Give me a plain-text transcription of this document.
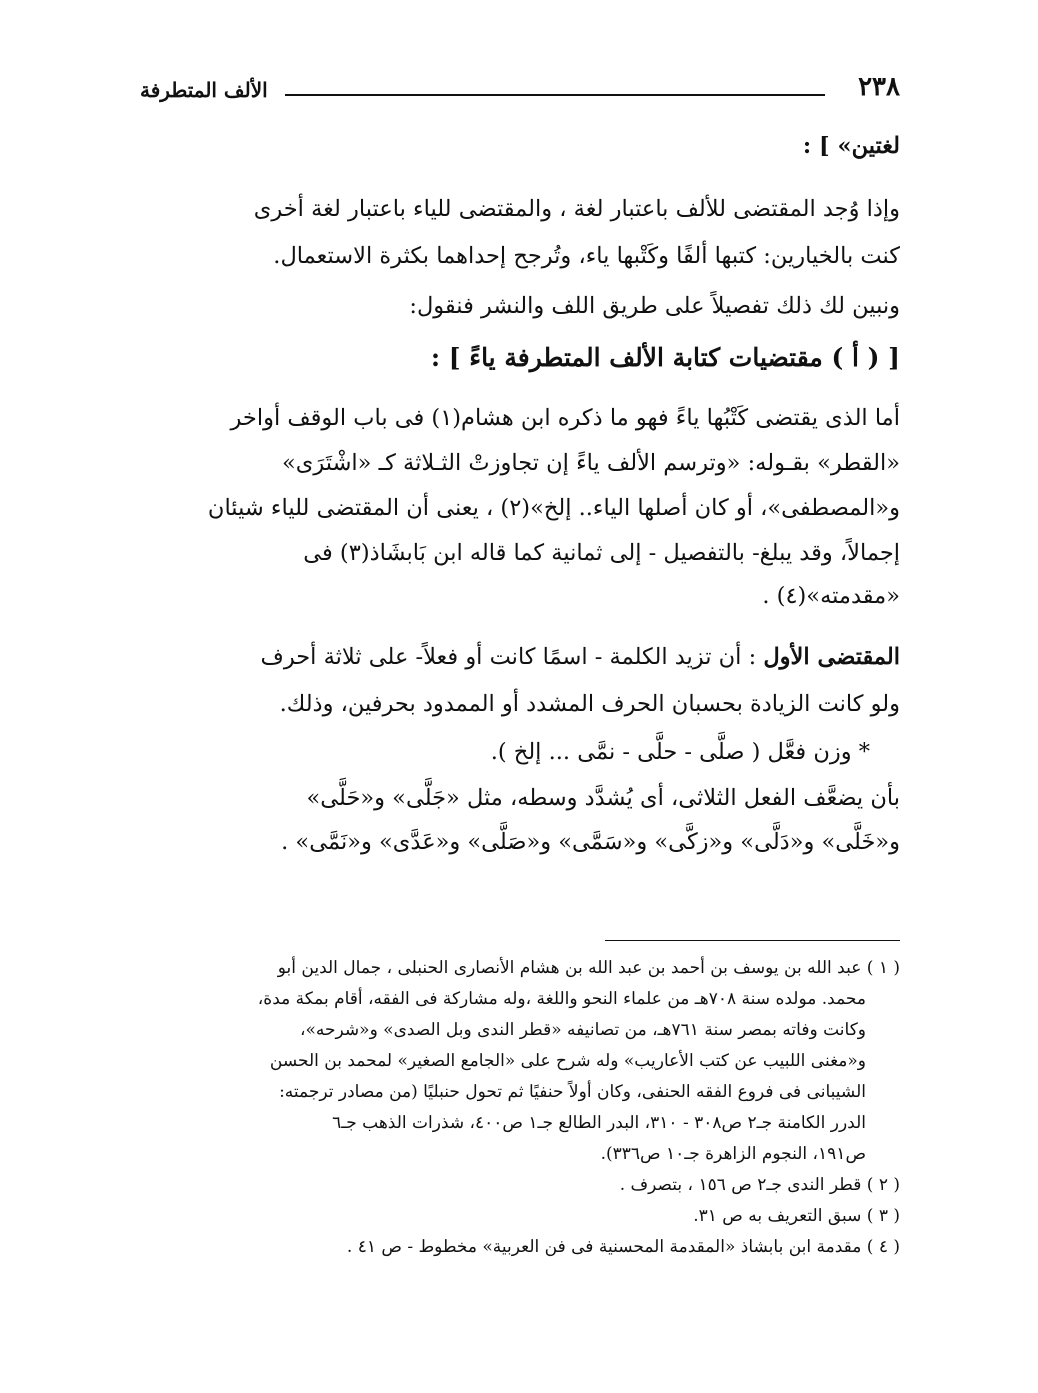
٢٣٨
الألف المتطرفة
لغتين» ] :
وإذا وُجد المقتضى للألف باعتبار لغة ، والمقتضى للياء باعتبار لغة أخرى
كنت بالخيارين: كتبها ألفًا وكَتْبها ياء، وتُرجح إحداهما بكثرة الاستعمال.
ونبين لك ذلك تفصيلاً على طريق اللف والنشر فنقول:
[ ( أ ) مقتضيات كتابة الألف المتطرفة ياءً ] :
أما الذى يقتضى كَتْبُها ياءً فهو ما ذكره ابن هشام(١) فى باب الوقف أواخر
«القطر» بقـوله: «وترسم الألف ياءً إن تجاوزتْ الثـلاثة كـ «اشْتَرَى»
و«المصطفى»، أو كان أصلها الياء.. إلخ»(٢) ، يعنى أن المقتضى للياء شيئان
إجمالاً، وقد يبلغ- بالتفصيل - إلى ثمانية كما قاله ابن بَابشَاذ(٣) فى
«مقدمته»(٤) .
المقتضى الأول : أن تزيد الكلمة - اسمًا كانت أو فعلاً- على ثلاثة أحرف
ولو كانت الزيادة بحسبان الحرف المشدد أو الممدود بحرفين، وذلك.
* وزن فعَّل ( صلَّى - حلَّى - نمَّى ... إلخ ).
بأن يضعَّف الفعل الثلاثى، أى يُشدَّد وسطه، مثل «جَلَّى» و«حَلَّى»
و«خَلَّى» و«دَلَّى» و«زكَّى» و«سَمَّى» و«صَلَّى» و«عَدَّى» و«نَمَّى» .
( ١ ) عبد الله بن يوسف بن أحمد بن عبد الله بن هشام الأنصارى الحنبلى ، جمال الدين أبو
محمد. مولده سنة ٧٠٨هـ من علماء النحو واللغة ،وله مشاركة فى الفقه، أقام بمكة مدة،
وكانت وفاته بمصر سنة ٧٦١هـ، من تصانيفه «قطر الندى وبل الصدى» و«شرحه»،
و«مغنى اللبيب عن كتب الأعاريب» وله شرح على «الجامع الصغير» لمحمد بن الحسن
الشيبانى فى فروع الفقه الحنفى، وكان أولاً حنفيًا ثم تحول حنبليًا (من مصادر ترجمته:
الدرر الكامنة جـ٢ ص٣٠٨ - ٣١٠، البدر الطالع جـ١ ص٤٠٠، شذرات الذهب جـ٦
ص١٩١، النجوم الزاهرة جـ١٠ ص٣٣٦).
( ٢ ) قطر الندى جـ٢ ص ١٥٦ ، بتصرف .
( ٣ ) سبق التعريف به ص ٣١.
( ٤ ) مقدمة ابن بابشاذ «المقدمة المحسنية فى فن العربية» مخطوط - ص ٤١ .
